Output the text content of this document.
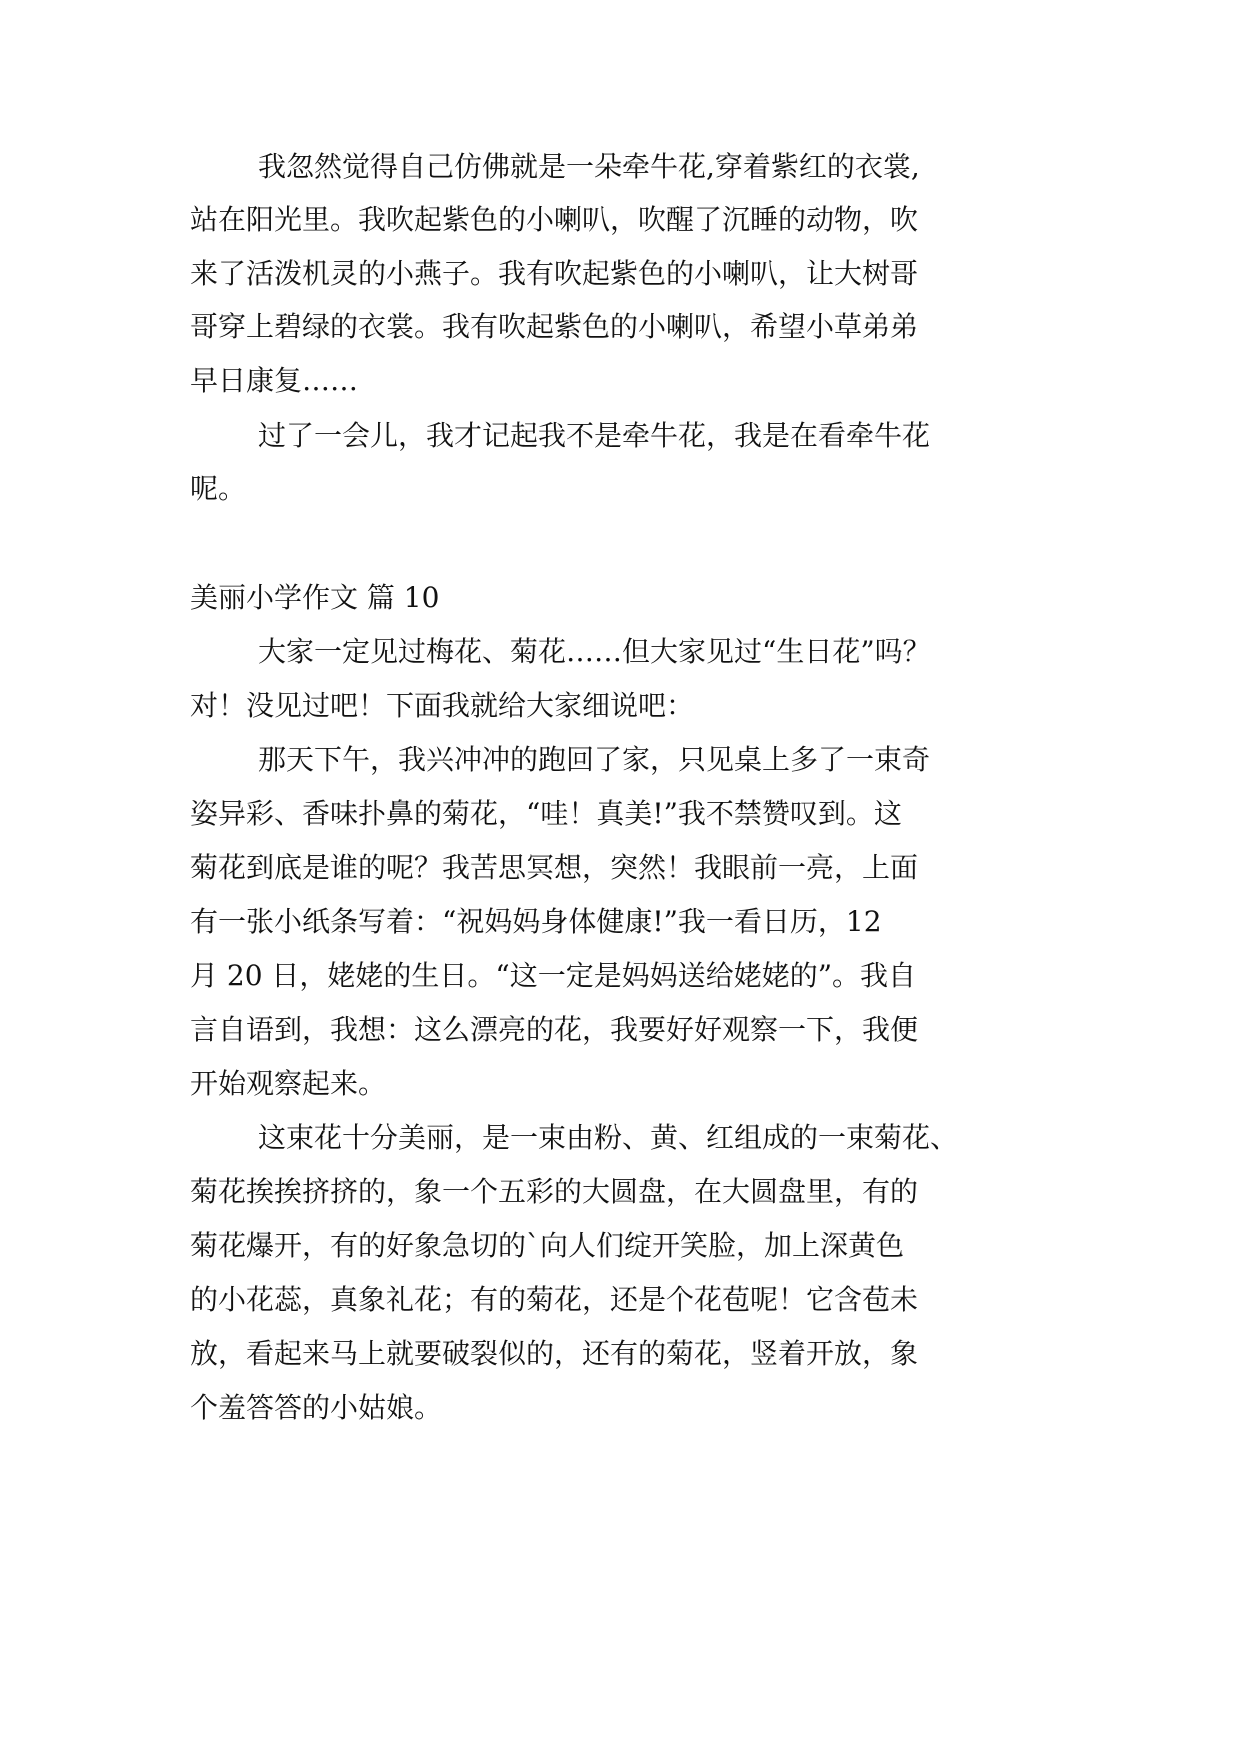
我忽然觉得自己仿佛就是一朵牵牛花,穿着紫红的衣裳,
站在阳光里。我吹起紫色的小喇叭，吹醒了沉睡的动物，吹
来了活泼机灵的小燕子。我有吹起紫色的小喇叭，让大树哥
哥穿上碧绿的衣裳。我有吹起紫色的小喇叭，希望小草弟弟
早日康复……
过了一会儿，我才记起我不是牵牛花，我是在看牵牛花
呢。
美丽小学作文 篇 10
大家一定见过梅花、菊花……但大家见过“生日花”吗？
对！没见过吧！下面我就给大家细说吧：
那天下午，我兴冲冲的跑回了家，只见桌上多了一束奇
姿异彩、香味扑鼻的菊花，“哇！真美!”我不禁赞叹到。这
菊花到底是谁的呢？我苦思冥想，突然！我眼前一亮，上面
有一张小纸条写着：“祝妈妈身体健康!”我一看日历，12
月 20 日，姥姥的生日。“这一定是妈妈送给姥姥的”。我自
言自语到，我想：这么漂亮的花，我要好好观察一下，我便
开始观察起来。
这束花十分美丽，是一束由粉、黄、红组成的一束菊花、
菊花挨挨挤挤的，象一个五彩的大圆盘，在大圆盘里，有的
菊花爆开，有的好象急切的`向人们绽开笑脸，加上深黄色
的小花蕊，真象礼花；有的菊花，还是个花苞呢！它含苞未
放，看起来马上就要破裂似的，还有的菊花，竖着开放，象
个羞答答的小姑娘。
